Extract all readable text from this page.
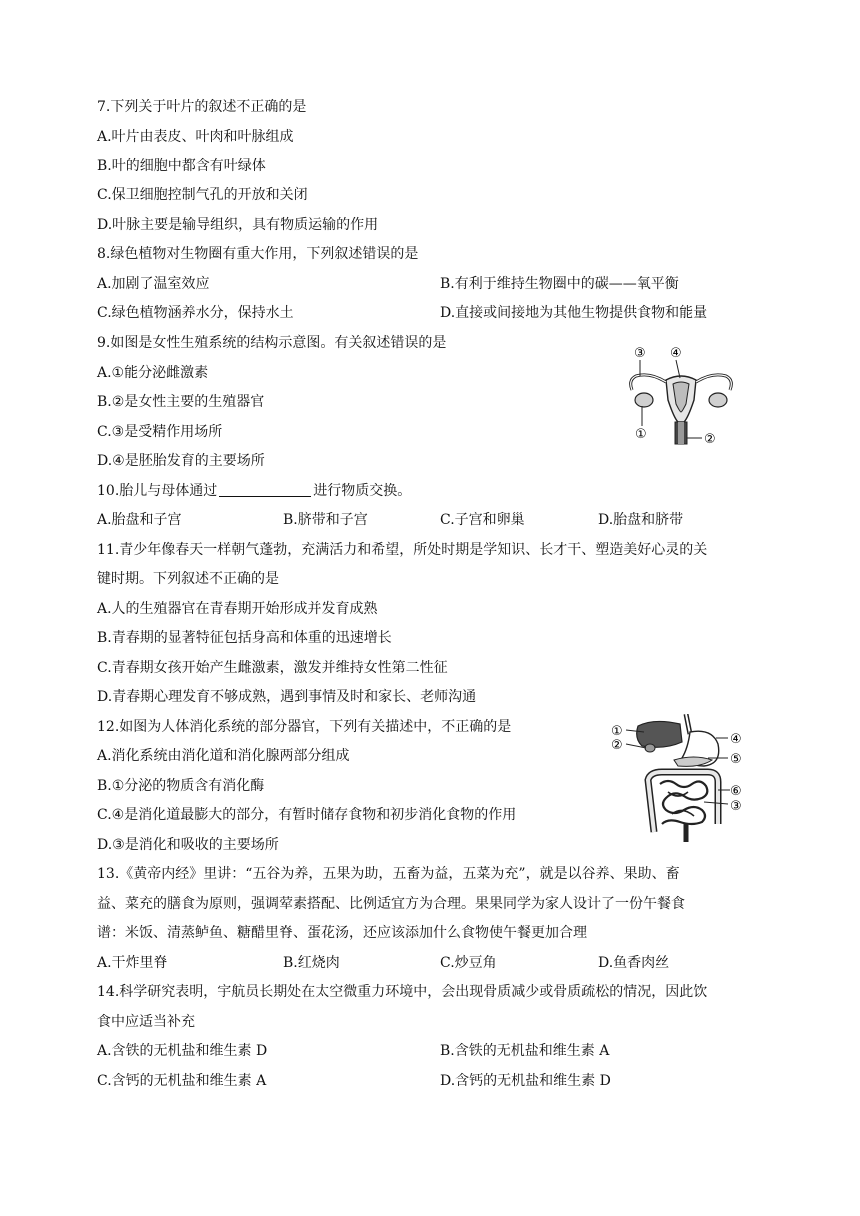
7.下列关于叶片的叙述不正确的是
A.叶片由表皮、叶肉和叶脉组成
B.叶的细胞中都含有叶绿体
C.保卫细胞控制气孔的开放和关闭
D.叶脉主要是输导组织，具有物质运输的作用
8.绿色植物对生物圈有重大作用，下列叙述错误的是
A.加剧了温室效应	B.有利于维持生物圈中的碳——氧平衡
C.绿色植物涵养水分，保持水土	D.直接或间接地为其他生物提供食物和能量
9.如图是女性生殖系统的结构示意图。有关叙述错误的是
A.①能分泌雌激素
B.②是女性主要的生殖器官
C.③是受精作用场所
D.④是胚胎发育的主要场所
③ ④
①	②
10.胎儿与母体通过	进行物质交换。
A.胎盘和子宫	B.脐带和子宫	C.子宫和卵巢	D.胎盘和脐带
11.青少年像春天一样朝气蓬勃，充满活力和希望，所处时期是学知识、长才干、塑造美好心灵的关
键时期。下列叙述不正确的是
A.人的生殖器官在青春期开始形成并发育成熟
B.青春期的显著特征包括身高和体重的迅速增长
C.青春期女孩开始产生雌激素，激发并维持女性第二性征
D.青春期心理发育不够成熟，遇到事情及时和家长、老师沟通
12.如图为人体消化系统的部分器官，下列有关描述中，不正确的是
A.消化系统由消化道和消化腺两部分组成
B.①分泌的物质含有消化酶
C.④是消化道最膨大的部分，有暂时储存食物和初步消化食物的作用
D.③是消化和吸收的主要场所
①
②	④
⑤
⑥
③
13.《黄帝内经》里讲：“五谷为养，五果为助，五畜为益，五菜为充”，就是以谷养、果助、畜
益、菜充的膳食为原则，强调荤素搭配、比例适宜方为合理。果果同学为家人设计了一份午餐食
谱：米饭、清蒸鲈鱼、糖醋里脊、蛋花汤，还应该添加什么食物使午餐更加合理
A.干炸里脊	B.红烧肉	C.炒豆角	D.鱼香肉丝
14.科学研究表明，宇航员长期处在太空微重力环境中，会出现骨质减少或骨质疏松的情况，因此饮
食中应适当补充
A.含铁的无机盐和维生素 D	B.含铁的无机盐和维生素 A
C.含钙的无机盐和维生素 A	D.含钙的无机盐和维生素 D
